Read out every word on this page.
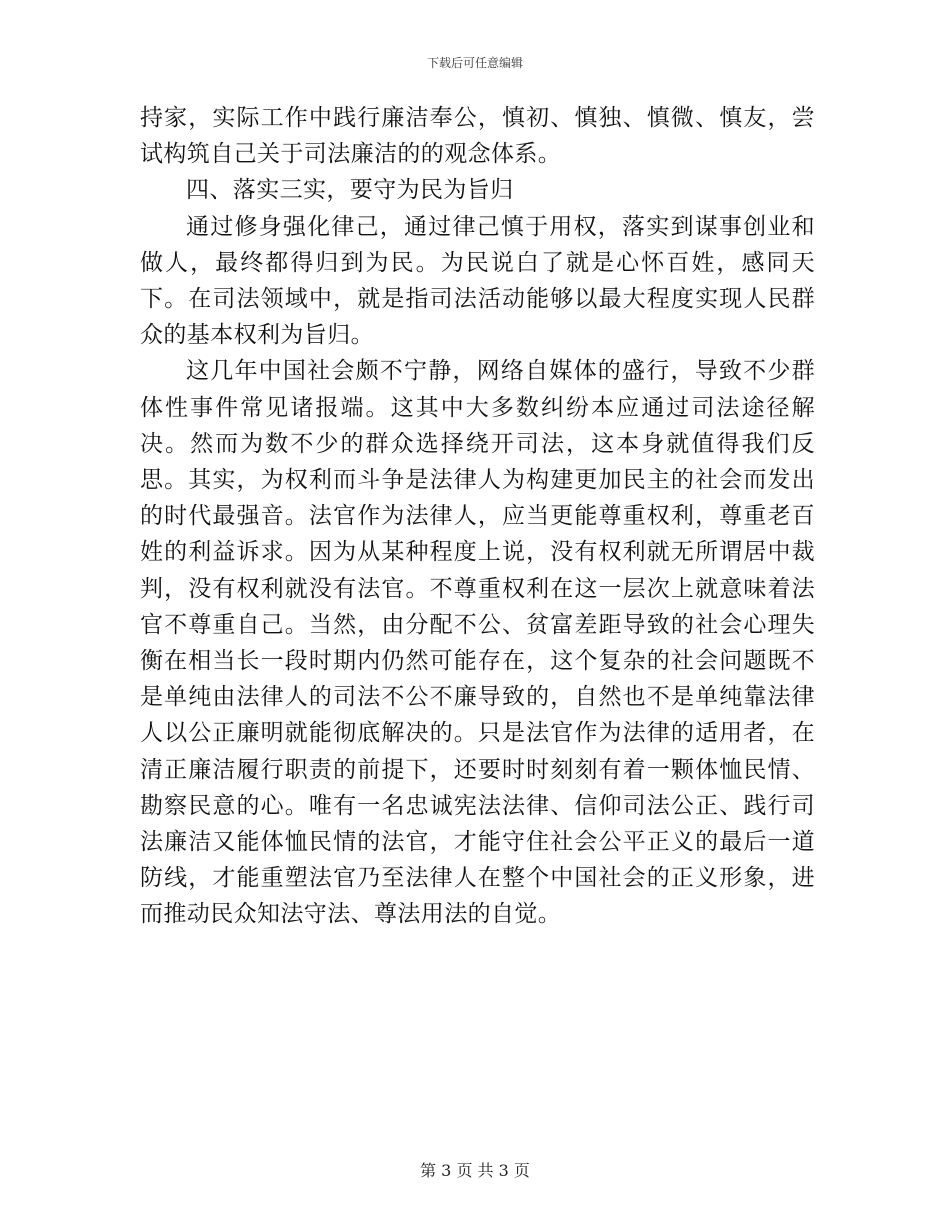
下载后可任意编辑

持家，实际工作中践行廉洁奉公，慎初、慎独、慎微、慎友，尝试构筑自己关于司法廉洁的的观念体系。

四、落实三实，要守为民为旨归

通过修身强化律己，通过律己慎于用权，落实到谋事创业和做人，最终都得归到为民。为民说白了就是心怀百姓，感同天下。在司法领域中，就是指司法活动能够以最大程度实现人民群众的基本权利为旨归。

这几年中国社会颇不宁静，网络自媒体的盛行，导致不少群体性事件常见诸报端。这其中大多数纠纷本应通过司法途径解决。然而为数不少的群众选择绕开司法，这本身就值得我们反思。其实，为权利而斗争是法律人为构建更加民主的社会而发出的时代最强音。法官作为法律人，应当更能尊重权利，尊重老百姓的利益诉求。因为从某种程度上说，没有权利就无所谓居中裁判，没有权利就没有法官。不尊重权利在这一层次上就意味着法官不尊重自己。当然，由分配不公、贫富差距导致的社会心理失衡在相当长一段时期内仍然可能存在，这个复杂的社会问题既不是单纯由法律人的司法不公不廉导致的，自然也不是单纯靠法律人以公正廉明就能彻底解决的。只是法官作为法律的适用者，在清正廉洁履行职责的前提下，还要时时刻刻有着一颗体恤民情、勘察民意的心。唯有一名忠诚宪法法律、信仰司法公正、践行司法廉洁又能体恤民情的法官，才能守住社会公平正义的最后一道防线，才能重塑法官乃至法律人在整个中国社会的正义形象，进而推动民众知法守法、尊法用法的自觉。

第 3 页 共 3 页
